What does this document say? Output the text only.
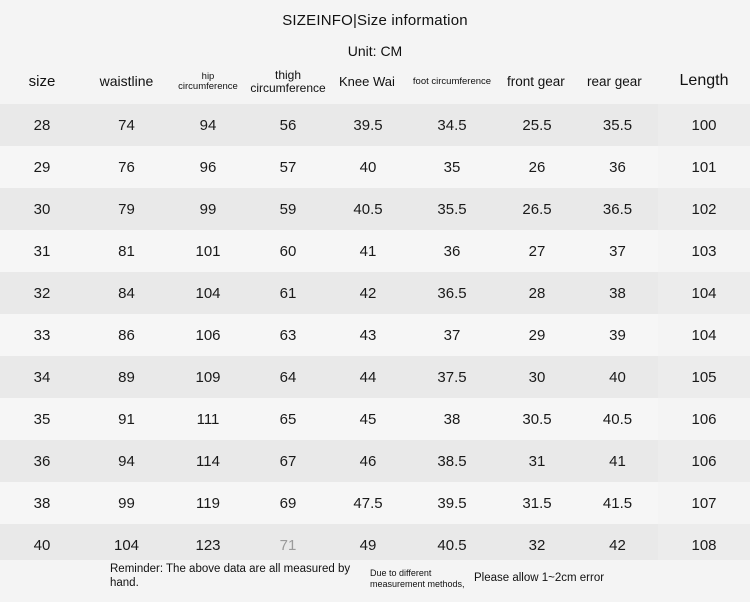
SIZEINFO|Size information
Unit: CM
size	waistline	hip circumference	thigh circumference	Knee Wai	foot circumference	front gear	rear gear	Length
28	74	94	56	39.5	34.5	25.5	35.5	100
29	76	96	57	40	35	26	36	101
30	79	99	59	40.5	35.5	26.5	36.5	102
31	81	101	60	41	36	27	37	103
32	84	104	61	42	36.5	28	38	104
33	86	106	63	43	37	29	39	104
34	89	109	64	44	37.5	30	40	105
35	91	111	65	45	38	30.5	40.5	106
36	94	114	67	46	38.5	31	41	106
38	99	119	69	47.5	39.5	31.5	41.5	107
40	104	123	71	49	40.5	32	42	108
Reminder: The above data are all measured by hand.
Due to different measurement methods, Please allow 1~2cm error
